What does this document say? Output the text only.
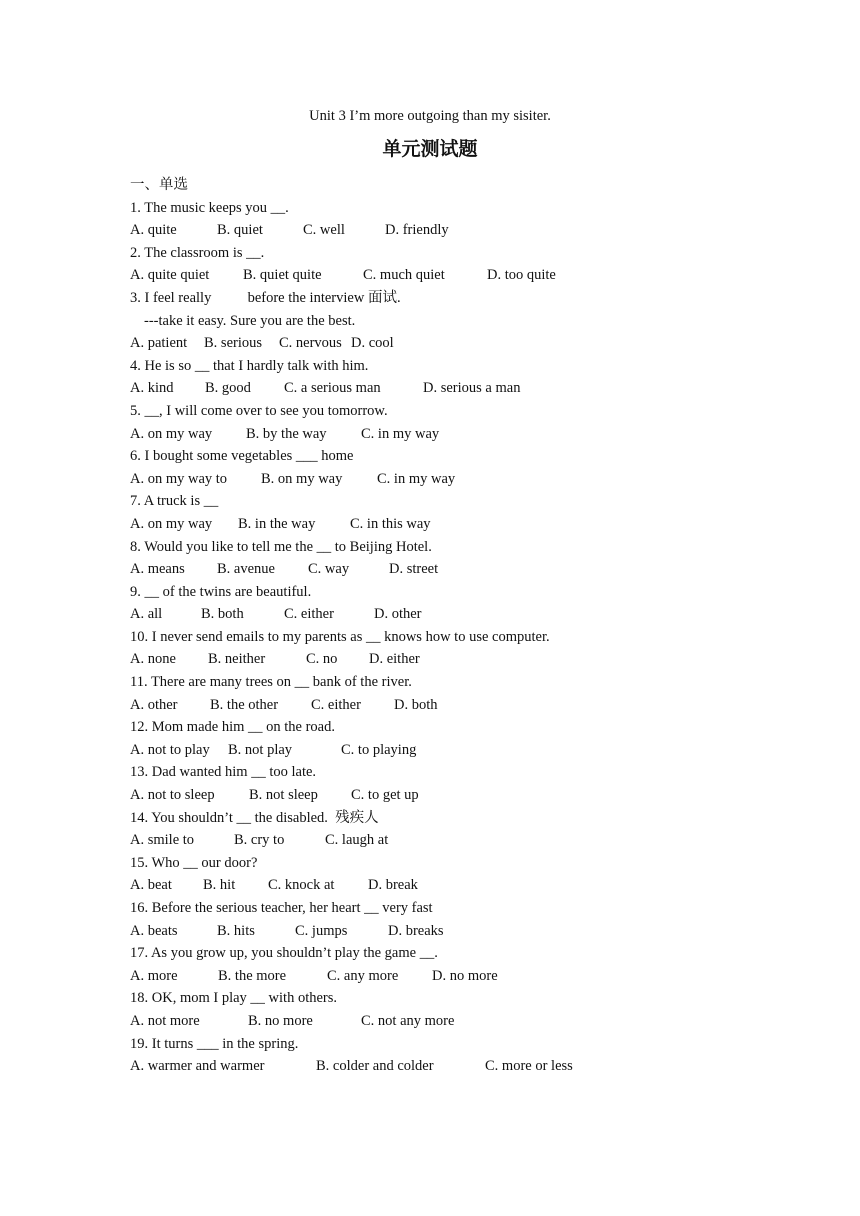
Unit 3 I’m more outgoing than my sisiter.
单元测试题
一、单选
1. The music keeps you __.
A. quite	B. quiet	C. well	D. friendly
2. The classroom is __.
A. quite quiet B. quiet quite	C. much quiet	D. too quite
3. I feel really          before the interview 面试.
---take it easy. Sure you are the best.
A. patient B. serious C. nervous D. cool
4. He is so __ that I hardly talk with him.
A. kind B. good C. a serious man	D. serious a man
5. __, I will come over to see you tomorrow.
A. on my way B. by the way C. in my way
6. I bought some vegetables ___ home
A. on my way to B. on my way C. in my way
7. A truck is __
A. on my way B. in the way C. in this way
8. Would you like to tell me the __ to Beijing Hotel.
A. means B. avenue C. way	D. street
9. __ of the twins are beautiful.
A. all	B. both	C. either	D. other
10. I never send emails to my parents as __ knows how to use computer.
A. none B. neither	C. no D. either
11. There are many trees on __ bank of the river.
A. other B. the other C. either D. both
12. Mom made him __ on the road.
A. not to play B. not play	C. to playing
13. Dad wanted him __ too late.
A. not to sleep B. not sleep C. to get up
14. You shouldn’t __ the disabled.  残疾人
A. smile to	B. cry to	C. laugh at
15. Who __ our door?
A. beat B. hit C. knock at D. break
16. Before the serious teacher, her heart __ very fast
A. beats	B. hits	C. jumps	D. breaks
17. As you grow up, you shouldn’t play the game __.
A. more	B. the more	C. any more D. no more
18. OK, mom I play __ with others.
A. not more	B. no more	C. not any more
19. It turns ___ in the spring.
A. warmer and warmer	B. colder and colder	C. more or less
